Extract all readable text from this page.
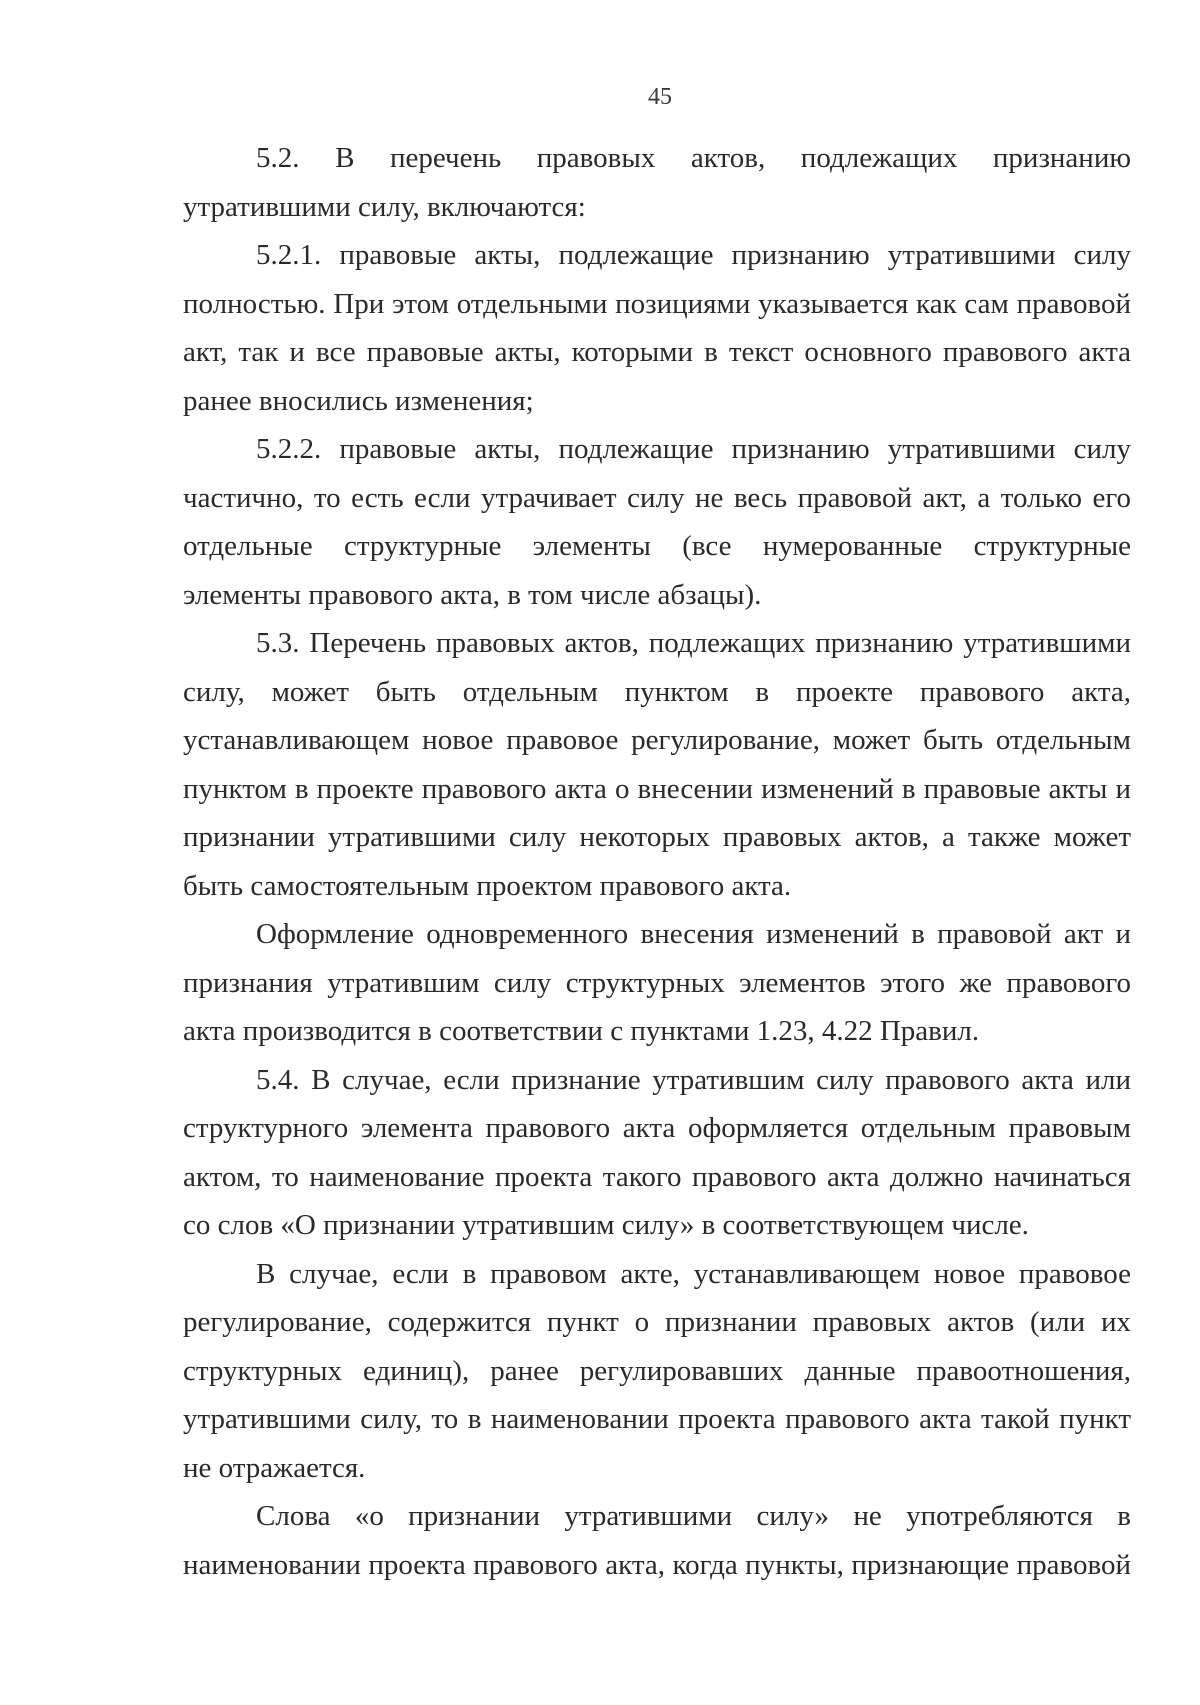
45

5.2. В перечень правовых актов, подлежащих признанию утратившими силу, включаются:

5.2.1. правовые акты, подлежащие признанию утратившими силу полностью. При этом отдельными позициями указывается как сам правовой акт, так и все правовые акты, которыми в текст основного правового акта ранее вносились изменения;

5.2.2. правовые акты, подлежащие признанию утратившими силу частично, то есть если утрачивает силу не весь правовой акт, а только его отдельные структурные элементы (все нумерованные структурные элементы правового акта, в том числе абзацы).

5.3. Перечень правовых актов, подлежащих признанию утратившими силу, может быть отдельным пунктом в проекте правового акта, устанавливающем новое правовое регулирование, может быть отдельным пунктом в проекте правового акта о внесении изменений в правовые акты и признании утратившими силу некоторых правовых актов, а также может быть самостоятельным проектом правового акта.

Оформление одновременного внесения изменений в правовой акт и признания утратившим силу структурных элементов этого же правового акта производится в соответствии с пунктами 1.23, 4.22 Правил.

5.4. В случае, если признание утратившим силу правового акта или структурного элемента правового акта оформляется отдельным правовым актом, то наименование проекта такого правового акта должно начинаться со слов «О признании утратившим силу» в соответствующем числе.

В случае, если в правовом акте, устанавливающем новое правовое регулирование, содержится пункт о признании правовых актов (или их структурных единиц), ранее регулировавших данные правоотношения, утратившими силу, то в наименовании проекта правового акта такой пункт не отражается.

Слова «о признании утратившими силу» не употребляются в наименовании проекта правового акта, когда пункты, признающие правовой
